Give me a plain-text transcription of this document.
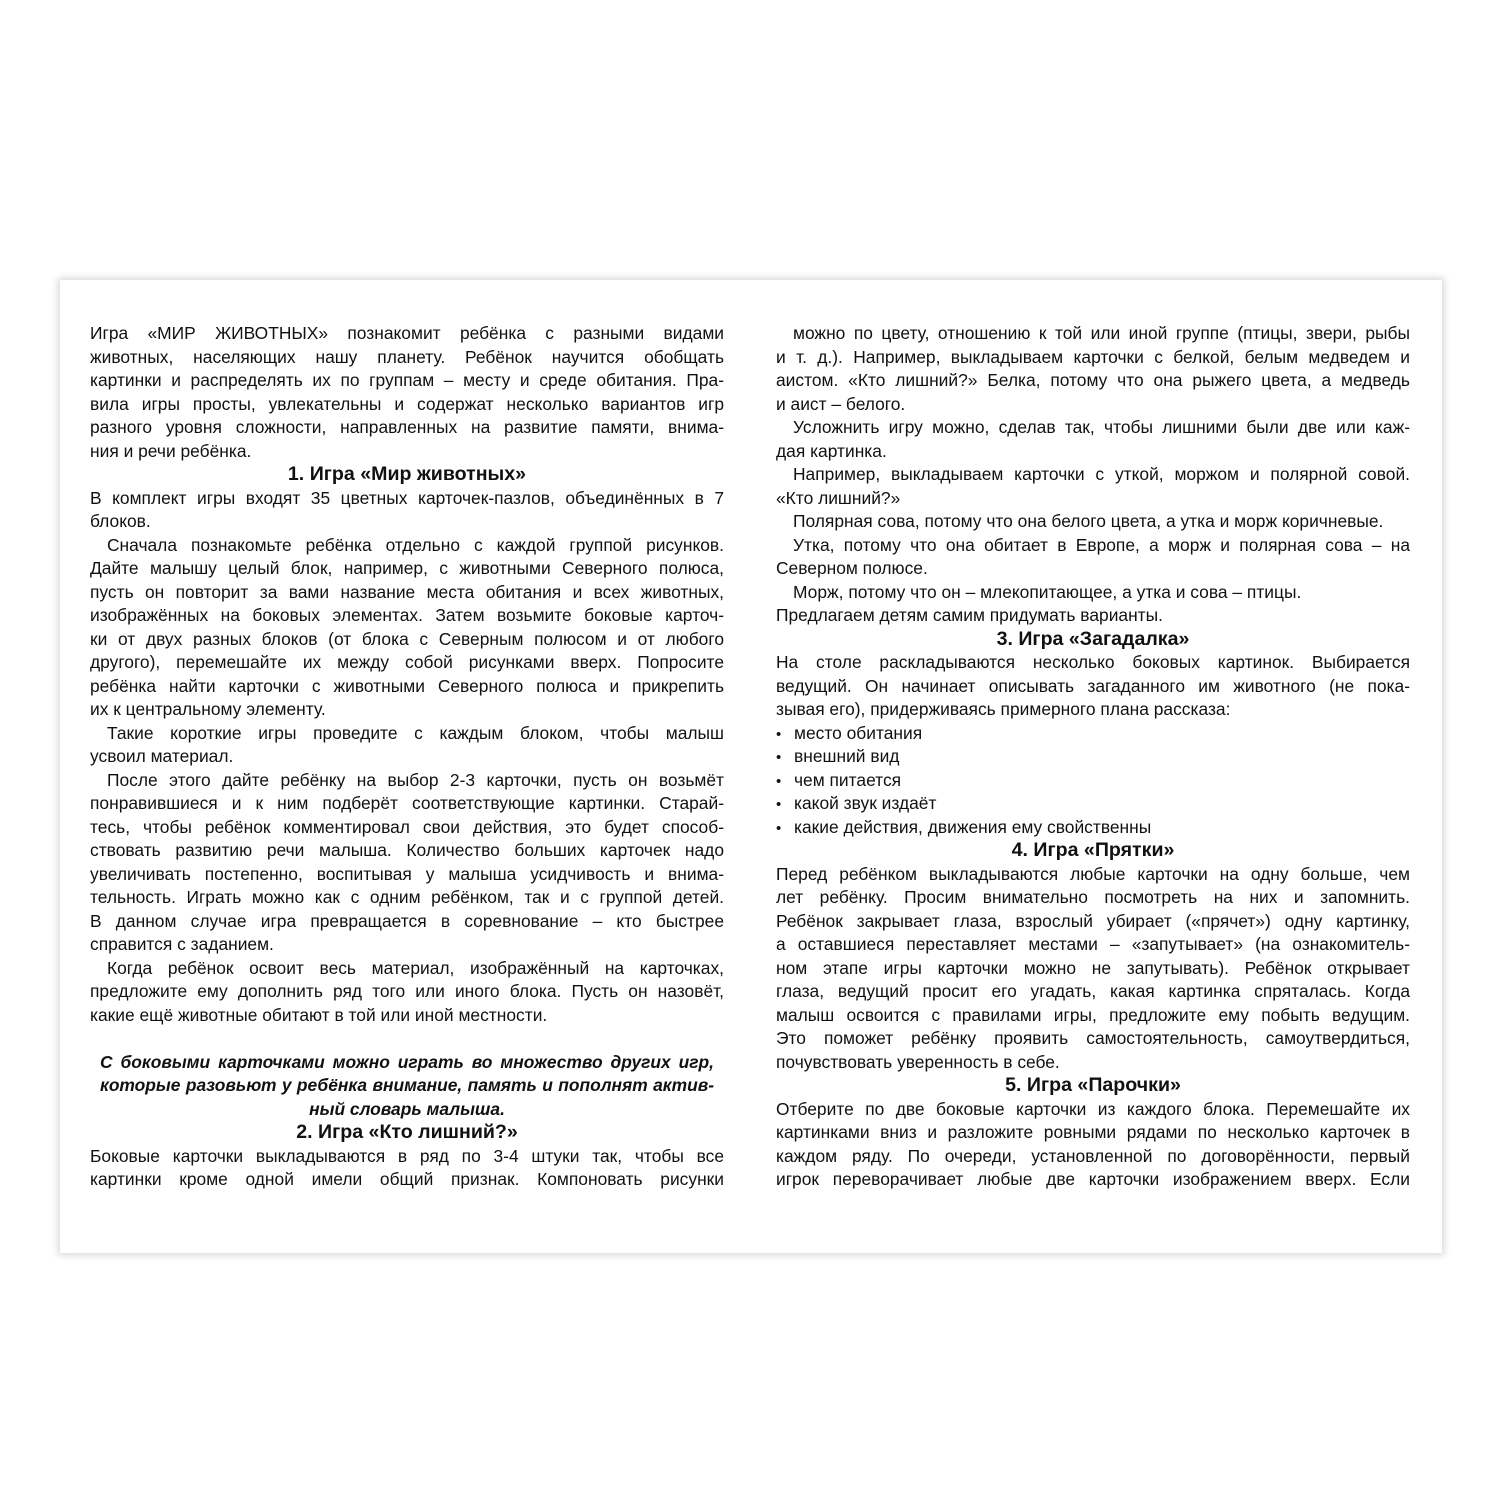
Игра «МИР ЖИВОТНЫХ» познакомит ребёнка с разными видами
животных, населяющих нашу планету. Ребёнок научится обобщать
картинки и распределять их по группам – месту и среде обитания. Пра-
вила игры просты, увлекательны и содержат несколько вариантов игр
разного уровня сложности, направленных на развитие памяти, внима-
ния и речи ребёнка.
1. Игра «Мир животных»
В комплект игры входят 35 цветных карточек-пазлов, объединённых в 7
блоков.
Сначала познакомьте ребёнка отдельно с каждой группой рисунков.
Дайте малышу целый блок, например, с животными Северного полюса,
пусть он повторит за вами название места обитания и всех животных,
изображённых на боковых элементах. Затем возьмите боковые карточ-
ки от двух разных блоков (от блока с Северным полюсом и от любого
другого), перемешайте их между собой рисунками вверх. Попросите
ребёнка найти карточки с животными Северного полюса и прикрепить
их к центральному элементу.
Такие короткие игры проведите с каждым блоком, чтобы малыш
усвоил материал.
После этого дайте ребёнку на выбор 2-3 карточки, пусть он возьмёт
понравившиеся и к ним подберёт соответствующие картинки. Старай-
тесь, чтобы ребёнок комментировал свои действия, это будет способ-
ствовать развитию речи малыша. Количество больших карточек надо
увеличивать постепенно, воспитывая у малыша усидчивость и внима-
тельность. Играть можно как с одним ребёнком, так и с группой детей.
В данном случае игра превращается в соревнование – кто быстрее
справится с заданием.
Когда ребёнок освоит весь материал, изображённый на карточках,
предложите ему дополнить ряд того или иного блока. Пусть он назовёт,
какие ещё животные обитают в той или иной местности.
С боковыми карточками можно играть во множество других игр,
которые разовьют у ребёнка внимание, память и пополнят актив-
ный словарь малыша.
2. Игра «Кто лишний?»
Боковые карточки выкладываются в ряд по 3-4 штуки так, чтобы все
картинки кроме одной имели общий признак. Компоновать рисунки
можно по цвету, отношению к той или иной группе (птицы, звери, рыбы
и т. д.). Например, выкладываем карточки с белкой, белым медведем и
аистом. «Кто лишний?» Белка, потому что она рыжего цвета, а медведь
и аист – белого.
Усложнить игру можно, сделав так, чтобы лишними были две или каж-
дая картинка.
Например, выкладываем карточки с уткой, моржом и полярной совой.
«Кто лишний?»
Полярная сова, потому что она белого цвета, а утка и морж коричневые.
Утка, потому что она обитает в Европе, а морж и полярная сова – на
Северном полюсе.
Морж, потому что он – млекопитающее, а утка и сова – птицы.
Предлагаем детям самим придумать варианты.
3. Игра «Загадалка»
На столе раскладываются несколько боковых картинок. Выбирается
ведущий. Он начинает описывать загаданного им животного (не пока-
зывая его), придерживаясь примерного плана рассказа:
• место обитания
• внешний вид
• чем питается
• какой звук издаёт
• какие действия, движения ему свойственны
4. Игра «Прятки»
Перед ребёнком выкладываются любые карточки на одну больше, чем
лет ребёнку. Просим внимательно посмотреть на них и запомнить.
Ребёнок закрывает глаза, взрослый убирает («прячет») одну картинку,
а оставшиеся переставляет местами – «запутывает» (на ознакомитель-
ном этапе игры карточки можно не запутывать). Ребёнок открывает
глаза, ведущий просит его угадать, какая картинка спряталась. Когда
малыш освоится с правилами игры, предложите ему побыть ведущим.
Это поможет ребёнку проявить самостоятельность, самоутвердиться,
почувствовать уверенность в себе.
5. Игра «Парочки»
Отберите по две боковые карточки из каждого блока. Перемешайте их
картинками вниз и разложите ровными рядами по несколько карточек в
каждом ряду. По очереди, установленной по договорённости, первый
игрок переворачивает любые две карточки изображением вверх. Если
